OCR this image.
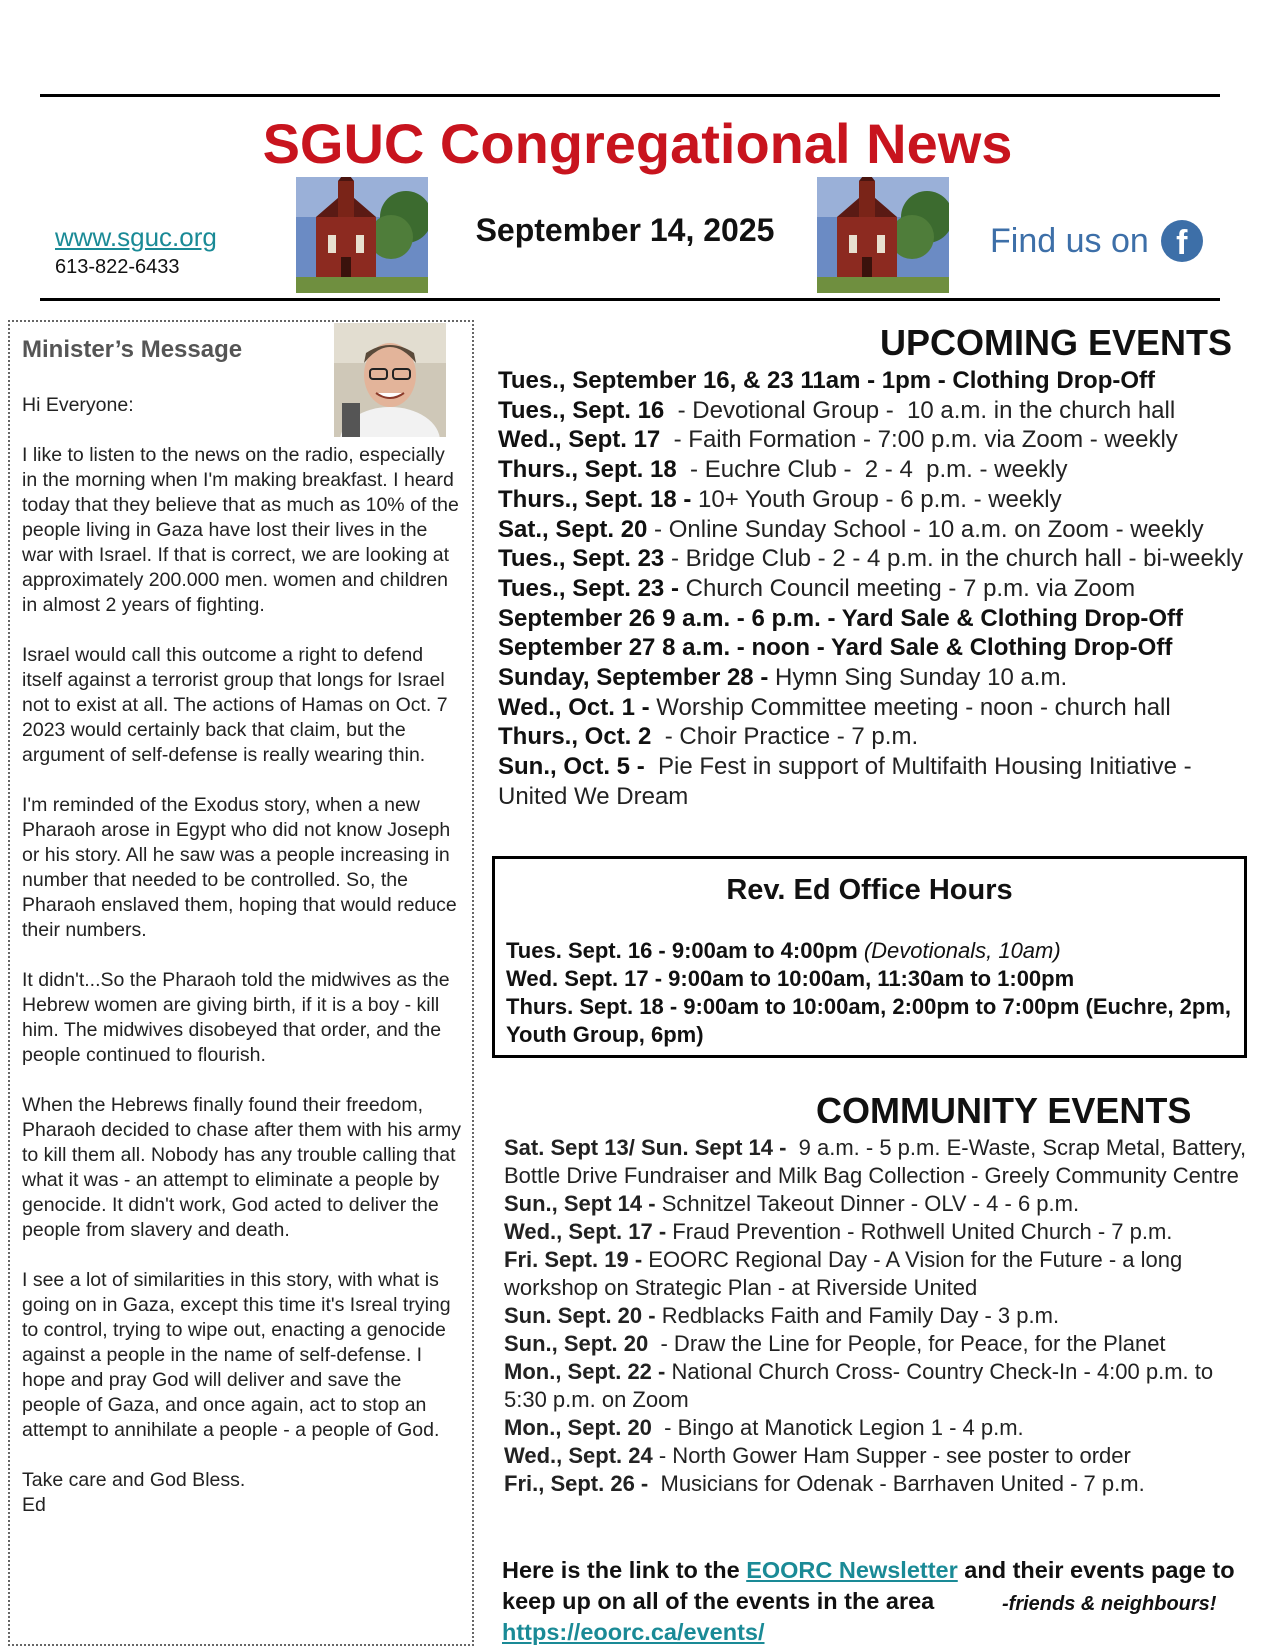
SGUC Congregational News
www.sguc.org
613-822-6433
September 14, 2025	Find us on f
Minister’s Message

Hi Everyone:

I like to listen to the news on the radio, especially in the morning when I'm making breakfast. I heard today that they believe that as much as 10% of the people living in Gaza have lost their lives in the war with Israel. If that is correct, we are looking at approximately 200.000 men. women and children in almost 2 years of fighting.

Israel would call this outcome a right to defend itself against a terrorist group that longs for Israel not to exist at all. The actions of Hamas on Oct. 7 2023 would certainly back that claim, but the argument of self-defense is really wearing thin.

I'm reminded of the Exodus story, when a new Pharaoh arose in Egypt who did not know Joseph or his story. All he saw was a people increasing in number that needed to be controlled. So, the Pharaoh enslaved them, hoping that would reduce their numbers.

It didn't...So the Pharaoh told the midwives as the Hebrew women are giving birth, if it is a boy - kill him. The midwives disobeyed that order, and the people continued to flourish.

When the Hebrews finally found their freedom, Pharaoh decided to chase after them with his army to kill them all. Nobody has any trouble calling that what it was - an attempt to eliminate a people by genocide. It didn't work, God acted to deliver the people from slavery and death.

I see a lot of similarities in this story, with what is going on in Gaza, except this time it's Isreal trying to control, trying to wipe out, enacting a genocide against a people in the name of self-defense. I hope and pray God will deliver and save the people of Gaza, and once again, act to stop an attempt to annihilate a people - a people of God.

Take care and God Bless.
Ed
UPCOMING EVENTS
Tues., September 16, & 23 11am - 1pm - Clothing Drop-Off
Tues., Sept. 16  - Devotional Group -  10 a.m. in the church hall
Wed., Sept. 17  - Faith Formation - 7:00 p.m. via Zoom - weekly
Thurs., Sept. 18  - Euchre Club -  2 - 4  p.m. - weekly
Thurs., Sept. 18 - 10+ Youth Group - 6 p.m. - weekly
Sat., Sept. 20 - Online Sunday School - 10 a.m. on Zoom - weekly
Tues., Sept. 23 - Bridge Club - 2 - 4 p.m. in the church hall - bi-weekly
Tues., Sept. 23 - Church Council meeting - 7 p.m. via Zoom
September 26 9 a.m. - 6 p.m. - Yard Sale & Clothing Drop-Off
September 27 8 a.m. - noon - Yard Sale & Clothing Drop-Off
Sunday, September 28 - Hymn Sing Sunday 10 a.m.
Wed., Oct. 1 - Worship Committee meeting - noon - church hall
Thurs., Oct. 2  - Choir Practice - 7 p.m.
Sun., Oct. 5 -  Pie Fest in support of Multifaith Housing Initiative - United We Dream
Rev. Ed Office Hours
Tues. Sept. 16 - 9:00am to 4:00pm (Devotionals, 10am)
Wed. Sept. 17 - 9:00am to 10:00am, 11:30am to 1:00pm
Thurs. Sept. 18 - 9:00am to 10:00am, 2:00pm to 7:00pm (Euchre, 2pm, Youth Group, 6pm)
COMMUNITY EVENTS
Sat. Sept 13/ Sun. Sept 14 -  9 a.m. - 5 p.m. E-Waste, Scrap Metal, Battery, Bottle Drive Fundraiser and Milk Bag Collection - Greely Community Centre
Sun., Sept 14 - Schnitzel Takeout Dinner - OLV - 4 - 6 p.m.
Wed., Sept. 17 - Fraud Prevention - Rothwell United Church - 7 p.m.
Fri. Sept. 19 - EOORC Regional Day - A Vision for the Future - a long workshop on Strategic Plan - at Riverside United
Sun. Sept. 20 - Redblacks Faith and Family Day - 3 p.m.
Sun., Sept. 20  - Draw the Line for People, for Peace, for the Planet
Mon., Sept. 22 - National Church Cross- Country Check-In - 4:00 p.m. to 5:30 p.m. on Zoom
Mon., Sept. 20  - Bingo at Manotick Legion 1 - 4 p.m.
Wed., Sept. 24 - North Gower Ham Supper - see poster to order
Fri., Sept. 26 -  Musicians for Odenak - Barrhaven United - 7 p.m.
Here is the link to the EOORC Newsletter and their events page to keep up on all of the events in the area
https://eoorc.ca/events/
-friends & neighbours!
